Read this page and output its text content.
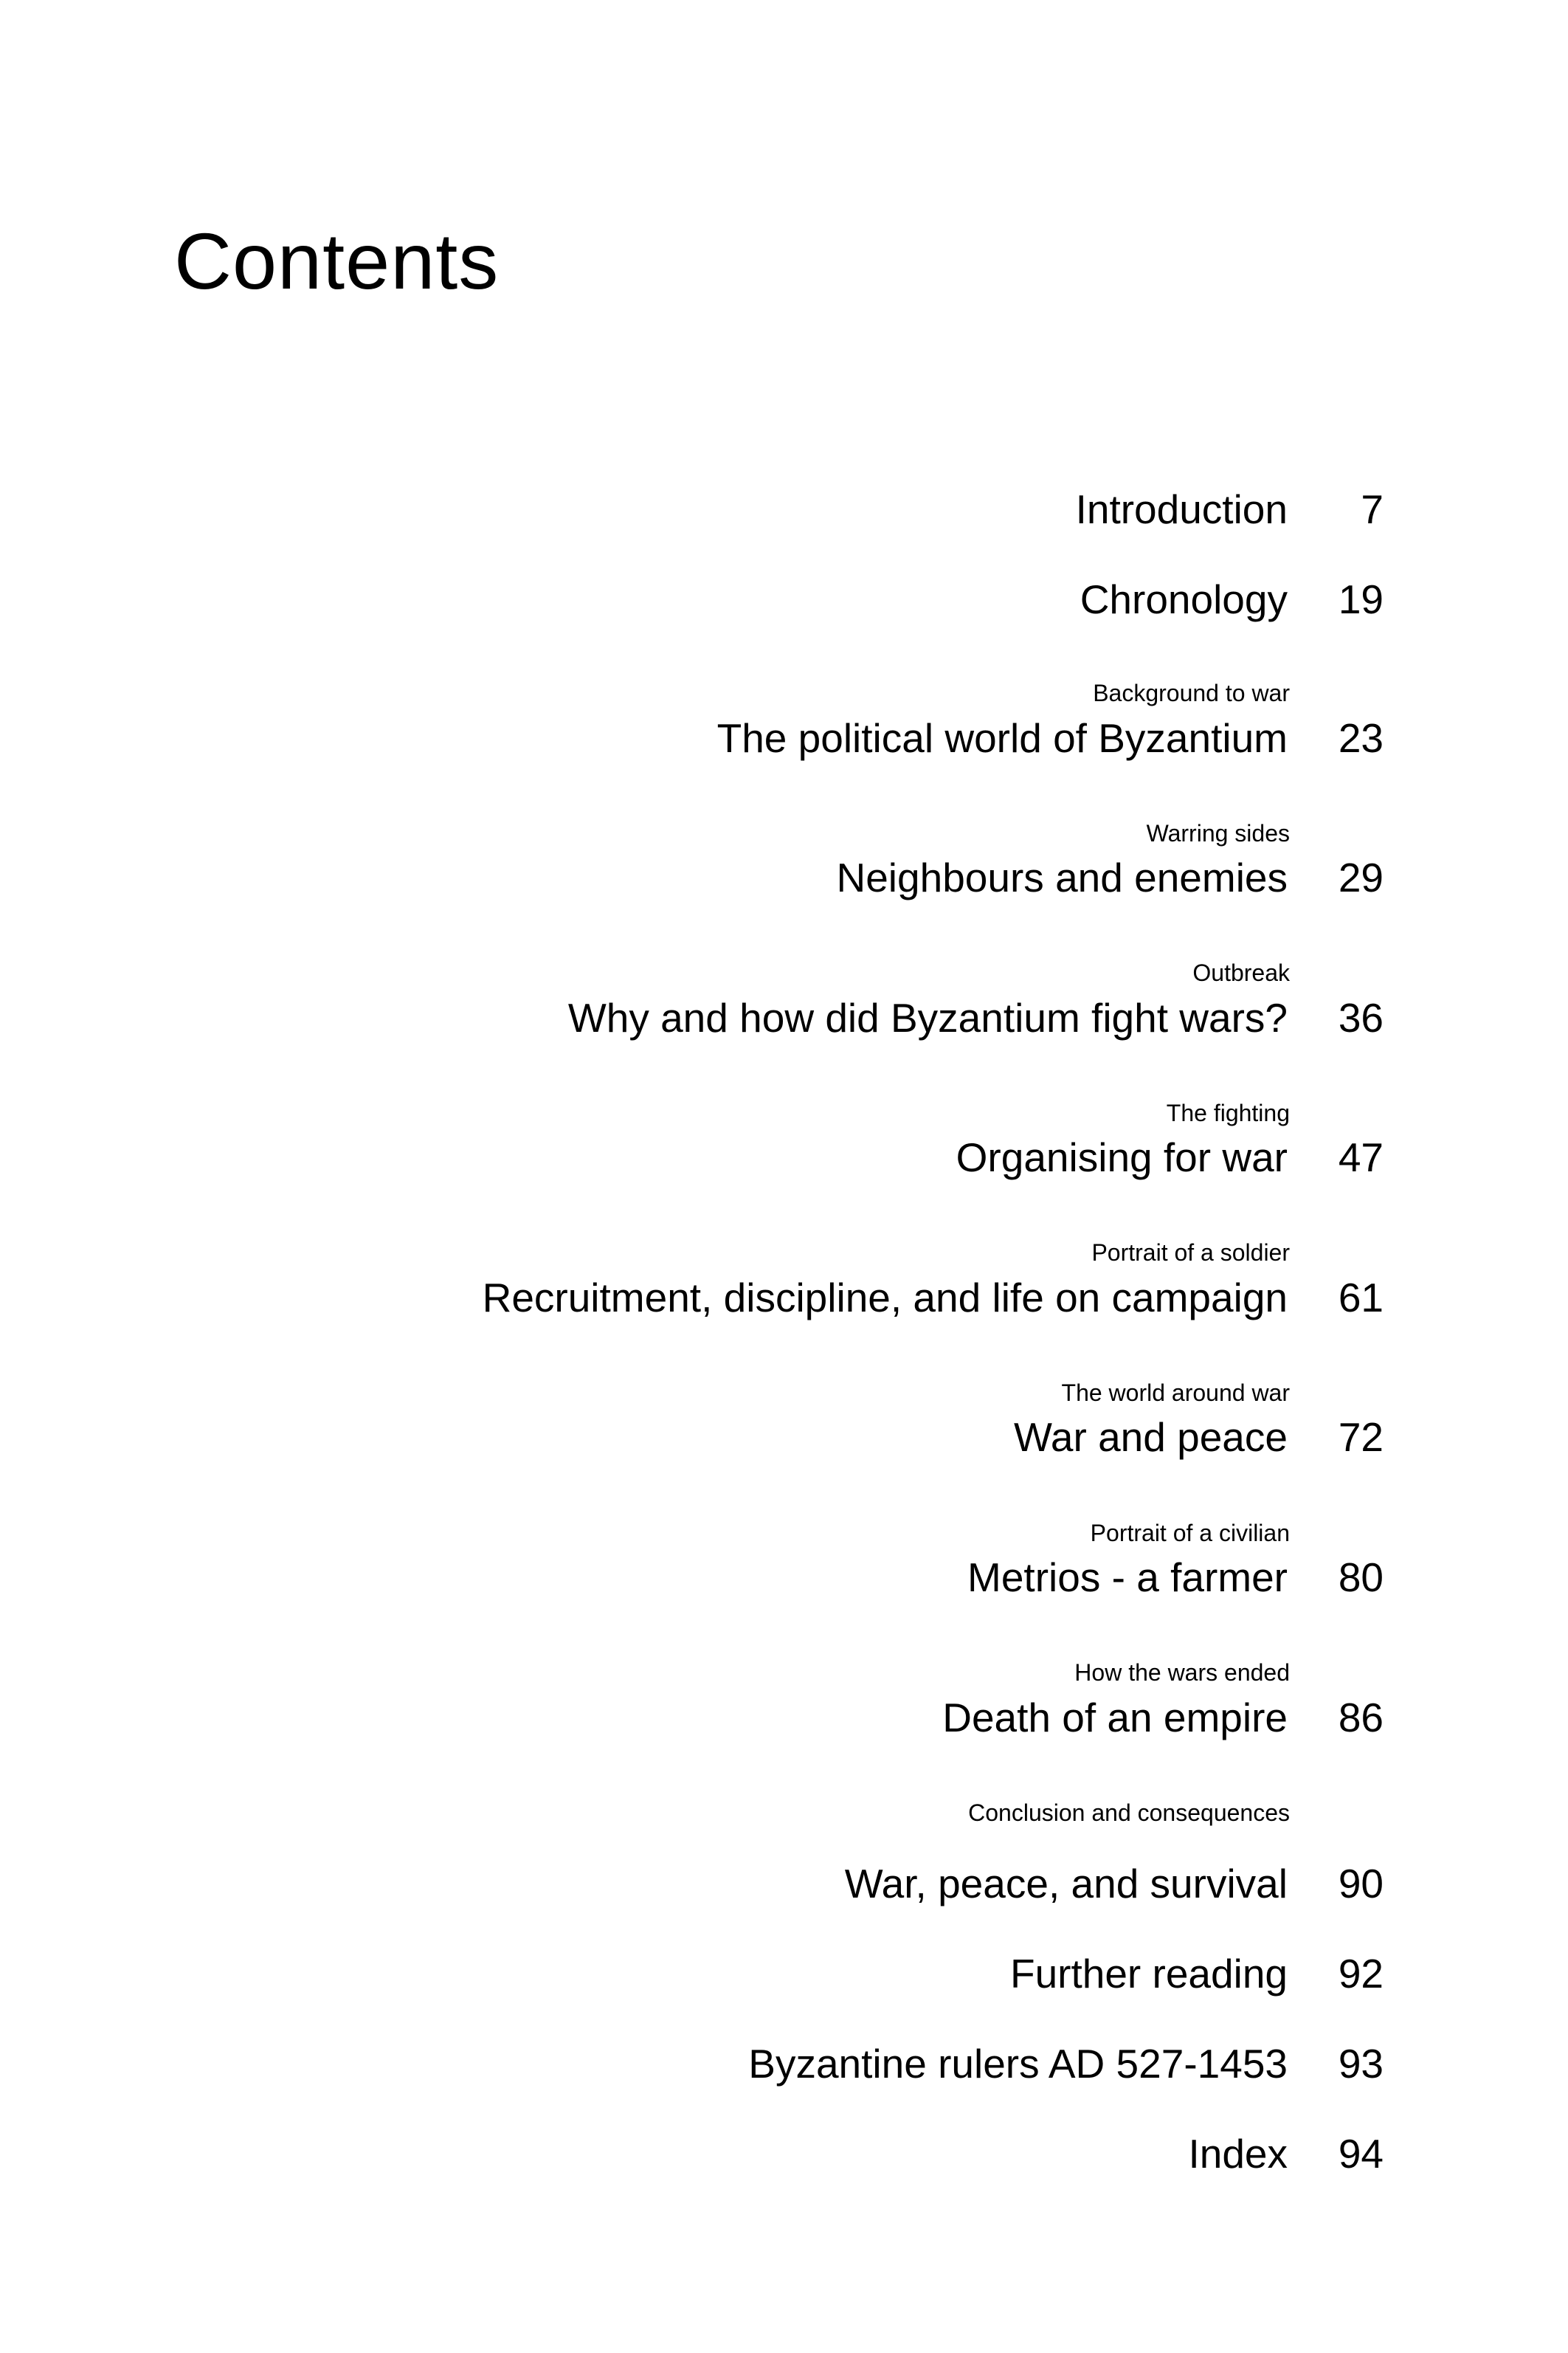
Contents
Introduction 7
Chronology 19
Background to war
The political world of Byzantium 23
Warring sides
Neighbours and enemies 29
Outbreak
Why and how did Byzantium fight wars? 36
The fighting
Organising for war 47
Portrait of a soldier
Recruitment, discipline, and life on campaign 61
The world around war
War and peace 72
Portrait of a civilian
Metrios - a farmer 80
How the wars ended
Death of an empire 86
Conclusion and consequences
War, peace, and survival 90
Further reading 92
Byzantine rulers AD 527-1453 93
Index 94
